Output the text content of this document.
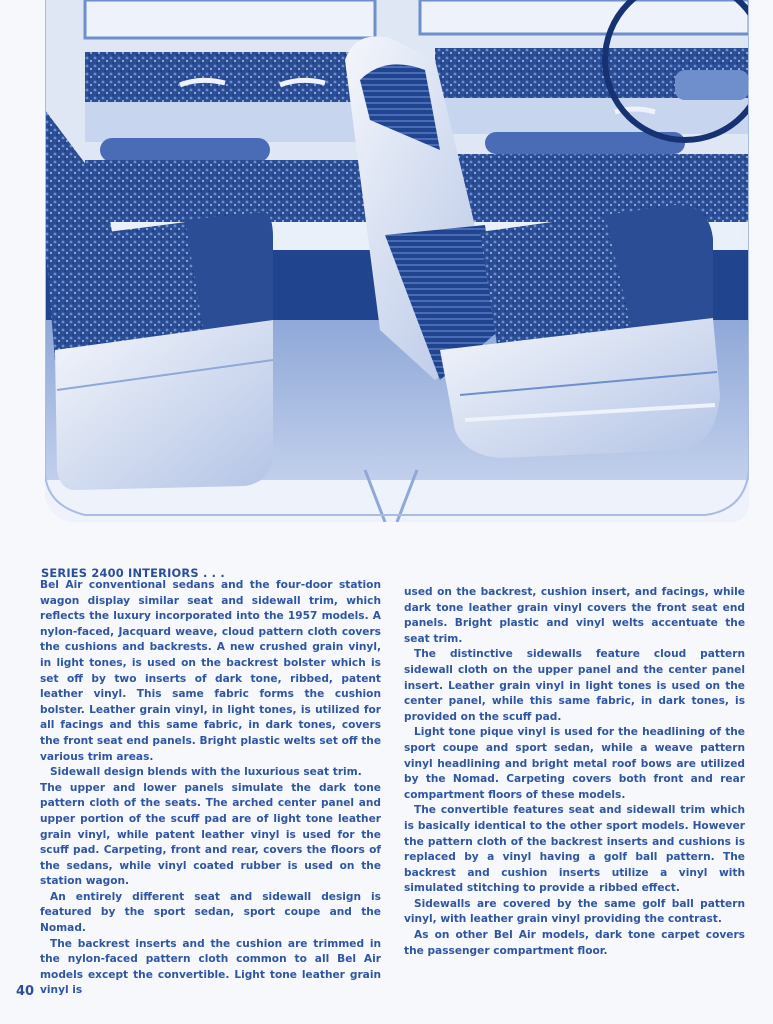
SERIES 2400 INTERIORS . . .

Bel Air conventional sedans and the four-door station wagon display similar seat and sidewall trim, which reflects the luxury incorporated into the 1957 models. A nylon-faced, Jacquard weave, cloud pattern cloth covers the cushions and backrests. A new crushed grain vinyl, in light tones, is used on the backrest bolster which is set off by two inserts of dark tone, ribbed, patent leather vinyl. This same fabric forms the cushion bolster. Leather grain vinyl, in light tones, is utilized for all facings and this same fabric, in dark tones, covers the front seat end panels. Bright plastic welts set off the various trim areas.

Sidewall design blends with the luxurious seat trim.

The upper and lower panels simulate the dark tone pattern cloth of the seats. The arched center panel and upper portion of the scuff pad are of light tone leather grain vinyl, while patent leather vinyl is used for the scuff pad. Carpeting, front and rear, covers the floors of the sedans, while vinyl coated rubber is used on the station wagon.

An entirely different seat and sidewall design is featured by the sport sedan, sport coupe and the Nomad.

The backrest inserts and the cushion are trimmed in the nylon-faced pattern cloth common to all Bel Air models except the convertible. Light tone leather grain vinyl is

used on the backrest, cushion insert, and facings, while dark tone leather grain vinyl covers the front seat end panels. Bright plastic and vinyl welts accentuate the seat trim.

The distinctive sidewalls feature cloud pattern sidewall cloth on the upper panel and the center panel insert. Leather grain vinyl in light tones is used on the center panel, while this same fabric, in dark tones, is provided on the scuff pad.

Light tone pique vinyl is used for the headlining of the sport coupe and sport sedan, while a weave pattern vinyl headlining and bright metal roof bows are utilized by the Nomad. Carpeting covers both front and rear compartment floors of these models.

The convertible features seat and sidewall trim which is basically identical to the other sport models. However the pattern cloth of the backrest inserts and cushions is replaced by a vinyl having a golf ball pattern. The backrest and cushion inserts utilize a vinyl with simulated stitching to provide a ribbed effect.

Sidewalls are covered by the same golf ball pattern vinyl, with leather grain vinyl providing the contrast.

As on other Bel Air models, dark tone carpet covers the passenger compartment floor.

40
